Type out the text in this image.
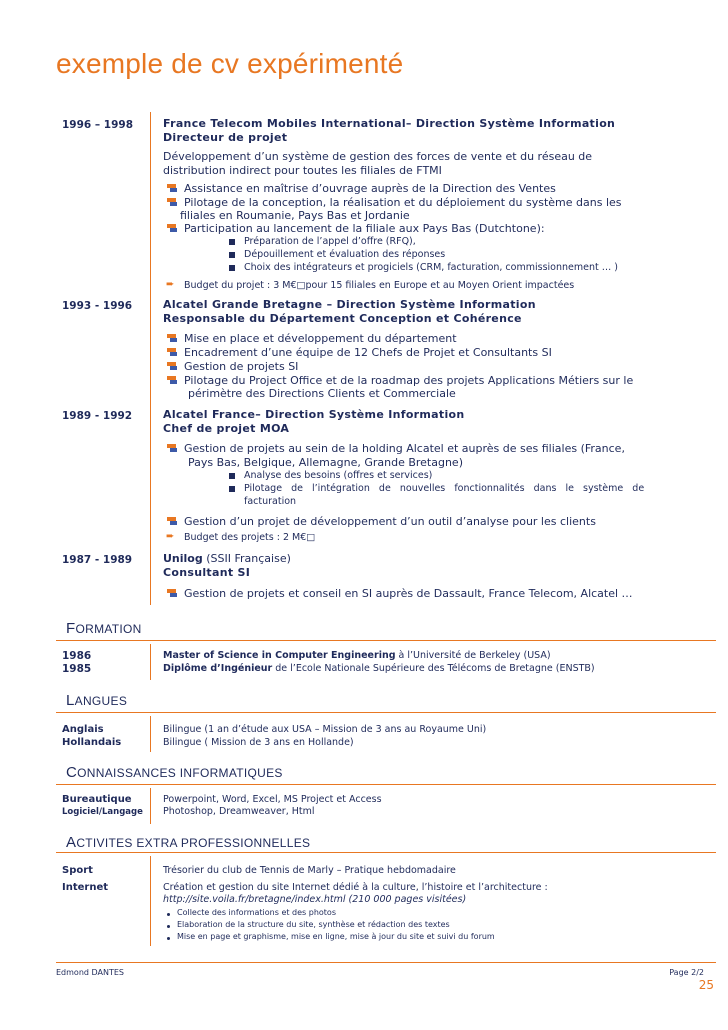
exemple de cv expérimenté
1996 – 1998	France Telecom Mobiles International– Direction Système Information
Directeur de projet
Développement d’un système de gestion des forces de vente et du réseau de
distribution indirect pour toutes les filiales de FTMI
Assistance en maîtrise d’ouvrage auprès de la Direction des Ventes
Pilotage de la conception, la réalisation et du déploiement du système dans les
filiales en Roumanie, Pays Bas et Jordanie
Participation au lancement de la filiale aux Pays Bas (Dutchtone):
Préparation de l’appel d’offre (RFQ),
Dépouillement et évaluation des réponses
Choix des intégrateurs et progiciels (CRM, facturation, commissionnement … )
➨ Budget du projet : 3 M€□pour 15 filiales en Europe et au Moyen Orient impactées
1993 - 1996	Alcatel Grande Bretagne – Direction Système Information
Responsable du Département Conception et Cohérence
Mise en place et développement du département
Encadrement d’une équipe de 12 Chefs de Projet et Consultants SI
Gestion de projets SI
Pilotage du Project Office et de la roadmap des projets Applications Métiers sur le
périmètre des Directions Clients et Commerciale
1989 - 1992	Alcatel France– Direction Système Information
Chef de projet MOA
Gestion de projets au sein de la holding Alcatel et auprès de ses filiales (France,
Pays Bas, Belgique, Allemagne, Grande Bretagne)
Analyse des besoins (offres et services)
Pilotage   de   l’intégration   de   nouvelles   fonctionnalités   dans   le   système   de
facturation
Gestion d’un projet de développement d’un outil d’analyse pour les clients
➨ Budget des projets : 2 M€□
1987 - 1989	Unilog (SSII Française)
Consultant SI
Gestion de projets et conseil en SI auprès de Dassault, France Telecom, Alcatel …
FORMATION
1986	Master of Science in Computer Engineering à l’Université de Berkeley (USA)
1985	Diplôme d’Ingénieur de l’Ecole Nationale Supérieure des Télécoms de Bretagne (ENSTB)
LANGUES
Anglais	Bilingue (1 an d’étude aux USA – Mission de 3 ans au Royaume Uni)
Hollandais	Bilingue ( Mission de 3 ans en Hollande)
CONNAISSANCES INFORMATIQUES
Bureautique	Powerpoint, Word, Excel, MS Project et Access
Logiciel/Langage Photoshop, Dreamweaver, Html
ACTIVITES EXTRA PROFESSIONNELLES
Sport	Trésorier du club de Tennis de Marly – Pratique hebdomadaire
Internet	Création et gestion du site Internet dédié à la culture, l’histoire et l’architecture :
http://site.voila.fr/bretagne/index.html (210 000 pages visitées)
Collecte des informations et des photos
Elaboration de la structure du site, synthèse et rédaction des textes
Mise en page et graphisme, mise en ligne, mise à jour du site et suivi du forum
Edmond DANTES	Page 2/2
25
